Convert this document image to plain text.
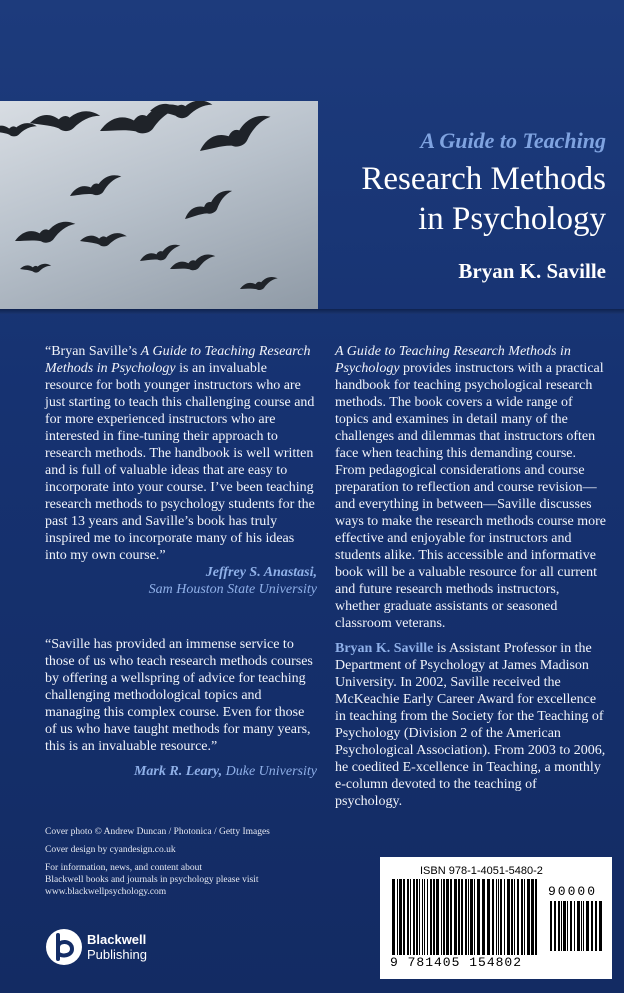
A Guide to Teaching
Research Methods
in Psychology
Bryan K. Saville

“Bryan Saville’s A Guide to Teaching Research Methods in Psychology is an invaluable resource for both younger instructors who are just starting to teach this challenging course and for more experienced instructors who are interested in fine-tuning their approach to research methods. The handbook is well written and is full of valuable ideas that are easy to incorporate into your course. I’ve been teaching research methods to psychology students for the past 13 years and Saville’s book has truly inspired me to incorporate many of his ideas into my own course.”

Jeffrey S. Anastasi,
Sam Houston State University

“Saville has provided an immense service to those of us who teach research methods courses by offering a wellspring of advice for teaching challenging methodological topics and managing this complex course. Even for those of us who have taught methods for many years, this is an invaluable resource.”

Mark R. Leary, Duke University

A Guide to Teaching Research Methods in Psychology provides instructors with a practical handbook for teaching psychological research methods. The book covers a wide range of topics and examines in detail many of the challenges and dilemmas that instructors often face when teaching this demanding course. From pedagogical considerations and course preparation to reflection and course revision—and everything in between—Saville discusses ways to make the research methods course more effective and enjoyable for instructors and students alike. This accessible and informative book will be a valuable resource for all current and future research methods instructors, whether graduate assistants or seasoned classroom veterans.

Bryan K. Saville is Assistant Professor in the Department of Psychology at James Madison University. In 2002, Saville received the McKeachie Early Career Award for excellence in teaching from the Society for the Teaching of Psychology (Division 2 of the American Psychological Association). From 2003 to 2006, he coedited E-xcellence in Teaching, a monthly e-column devoted to the teaching of psychology.

Cover photo © Andrew Duncan / Photonica / Getty Images
Cover design by cyandesign.co.uk
For information, news, and content about
Blackwell books and journals in psychology please visit
www.blackwellpsychology.com
Blackwell
Publishing
ISBN 978-1-4051-5480-2
90000
9 781405 154802
